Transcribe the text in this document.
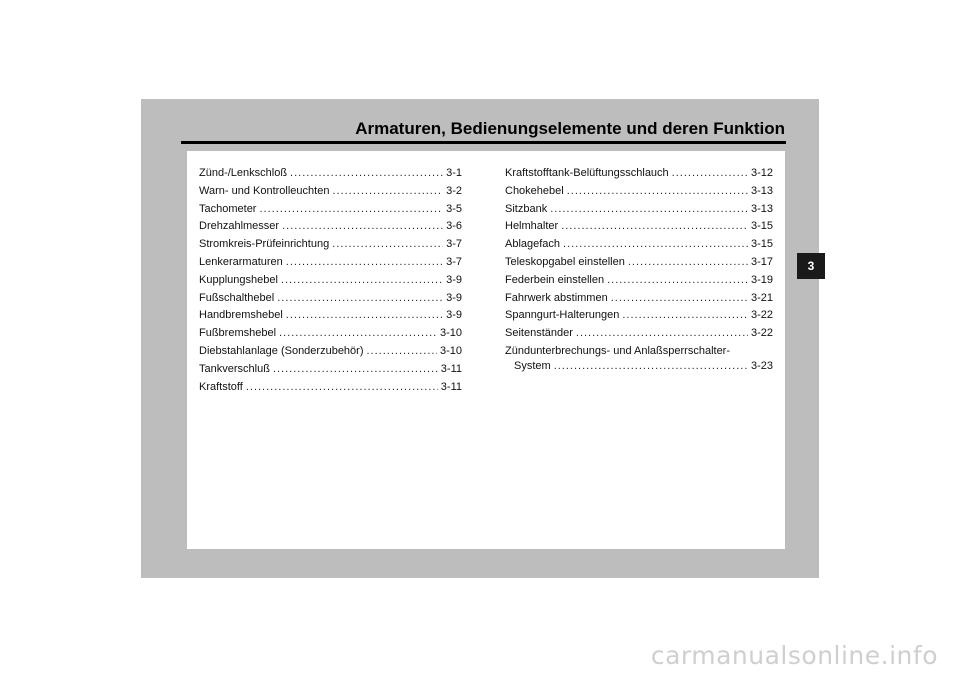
Armaturen, Bedienungselemente und deren Funktion
Zünd-/Lenkschloß .....	3-1
Warn- und Kontrolleuchten .....	3-2
Tachometer .....	3-5
Drehzahlmesser .....	3-6
Stromkreis-Prüfeinrichtung .....	3-7
Lenkerarmaturen .....	3-7
Kupplungshebel .....	3-9
Fußschalthebel .....	3-9
Handbremshebel .....	3-9
Fußbremshebel .....	3-10
Diebstahlanlage (Sonderzubehör) .....	3-10
Tankverschluß .....	3-11
Kraftstoff .....	3-11
Kraftstofftank-Belüftungsschlauch .....	3-12
Chokehebel .....	3-13
Sitzbank .....	3-13
Helmhalter .....	3-15
Ablagefach .....	3-15
Teleskopgabel einstellen .....	3-17
Federbein einstellen .....	3-19
Fahrwerk abstimmen .....	3-21
Spanngurt-Halterungen .....	3-22
Seitenständer .....	3-22
Zündunterbrechungs- und Anlaßsperrschalter-
System .....	3-23
3
carmanualsonline.info
